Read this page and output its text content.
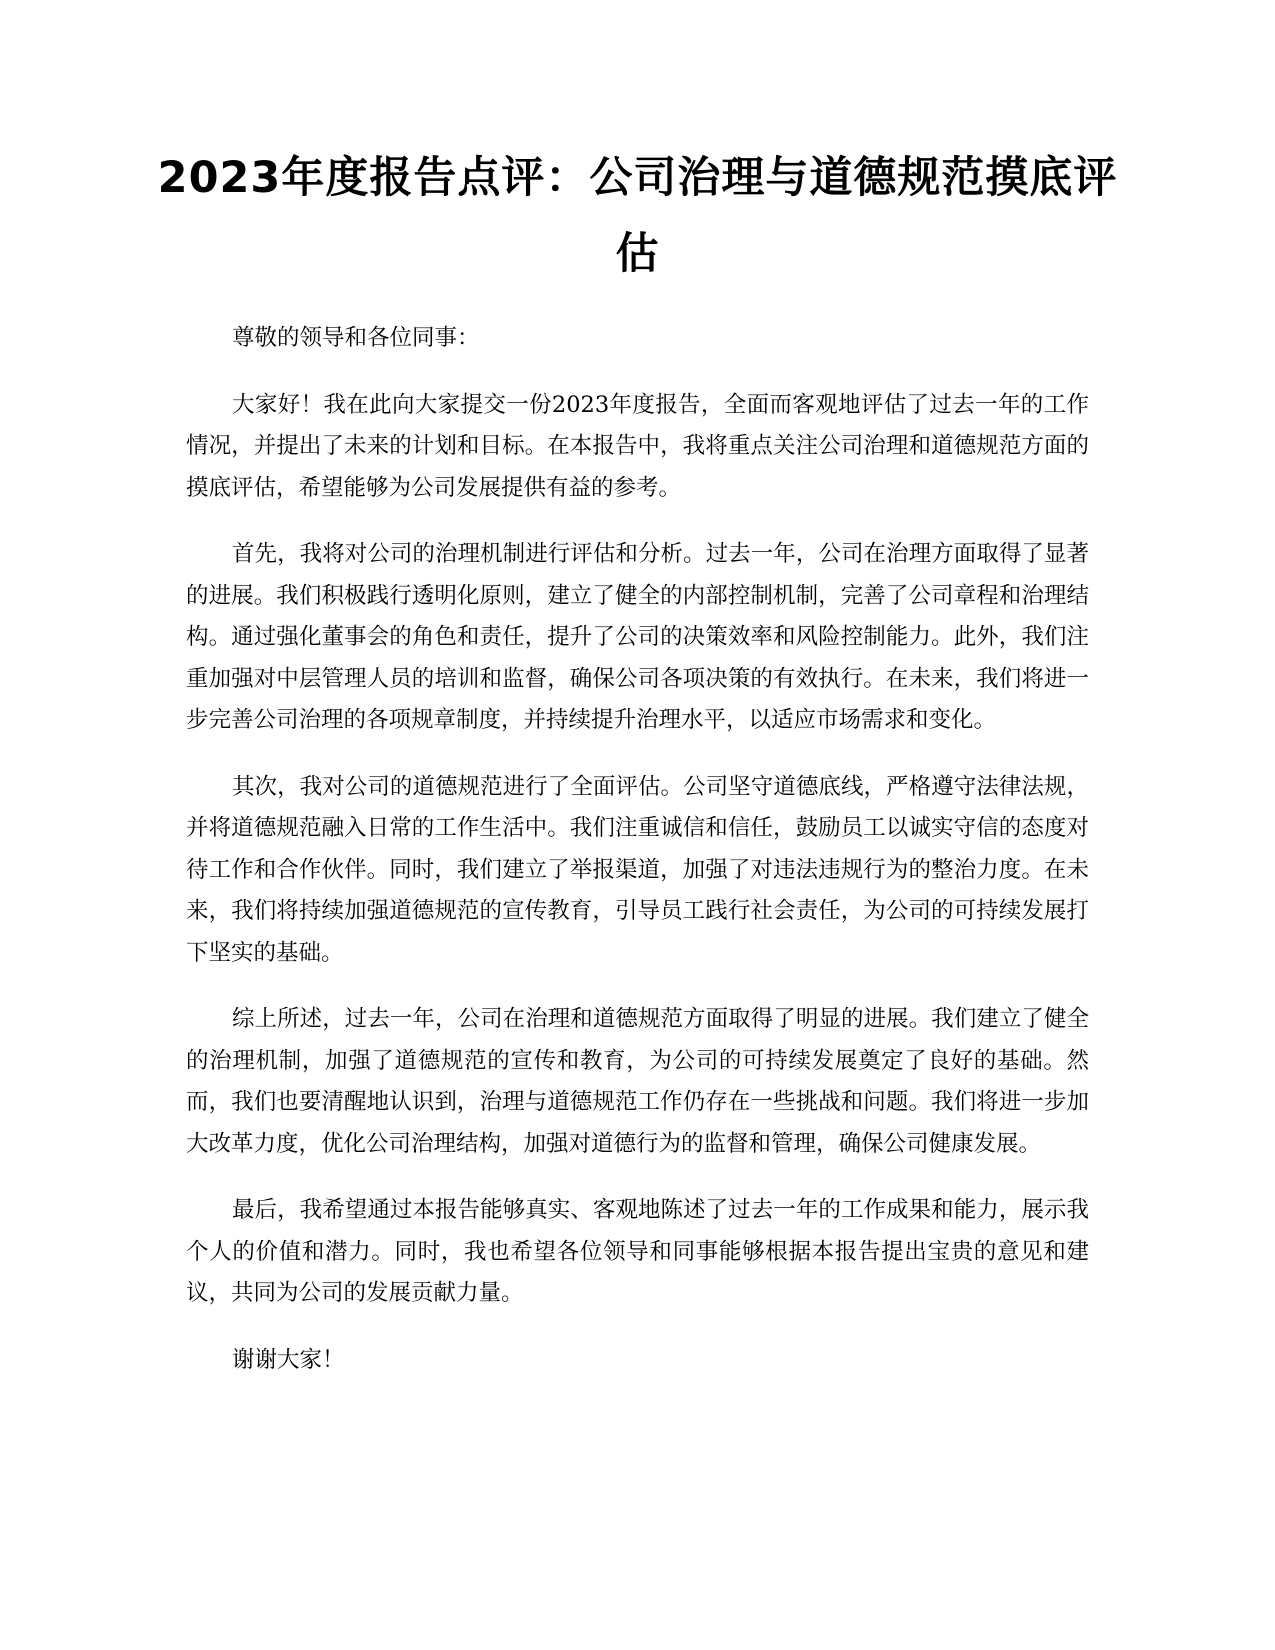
2023年度报告点评：公司治理与道德规范摸底评估

尊敬的领导和各位同事：

大家好！我在此向大家提交一份2023年度报告，全面而客观地评估了过去一年的工作情况，并提出了未来的计划和目标。在本报告中，我将重点关注公司治理和道德规范方面的摸底评估，希望能够为公司发展提供有益的参考。

首先，我将对公司的治理机制进行评估和分析。过去一年，公司在治理方面取得了显著的进展。我们积极践行透明化原则，建立了健全的内部控制机制，完善了公司章程和治理结构。通过强化董事会的角色和责任，提升了公司的决策效率和风险控制能力。此外，我们注重加强对中层管理人员的培训和监督，确保公司各项决策的有效执行。在未来，我们将进一步完善公司治理的各项规章制度，并持续提升治理水平，以适应市场需求和变化。

其次，我对公司的道德规范进行了全面评估。公司坚守道德底线，严格遵守法律法规，并将道德规范融入日常的工作生活中。我们注重诚信和信任，鼓励员工以诚实守信的态度对待工作和合作伙伴。同时，我们建立了举报渠道，加强了对违法违规行为的整治力度。在未来，我们将持续加强道德规范的宣传教育，引导员工践行社会责任，为公司的可持续发展打下坚实的基础。

综上所述，过去一年，公司在治理和道德规范方面取得了明显的进展。我们建立了健全的治理机制，加强了道德规范的宣传和教育，为公司的可持续发展奠定了良好的基础。然而，我们也要清醒地认识到，治理与道德规范工作仍存在一些挑战和问题。我们将进一步加大改革力度，优化公司治理结构，加强对道德行为的监督和管理，确保公司健康发展。

最后，我希望通过本报告能够真实、客观地陈述了过去一年的工作成果和能力，展示我个人的价值和潜力。同时，我也希望各位领导和同事能够根据本报告提出宝贵的意见和建议，共同为公司的发展贡献力量。

谢谢大家！
